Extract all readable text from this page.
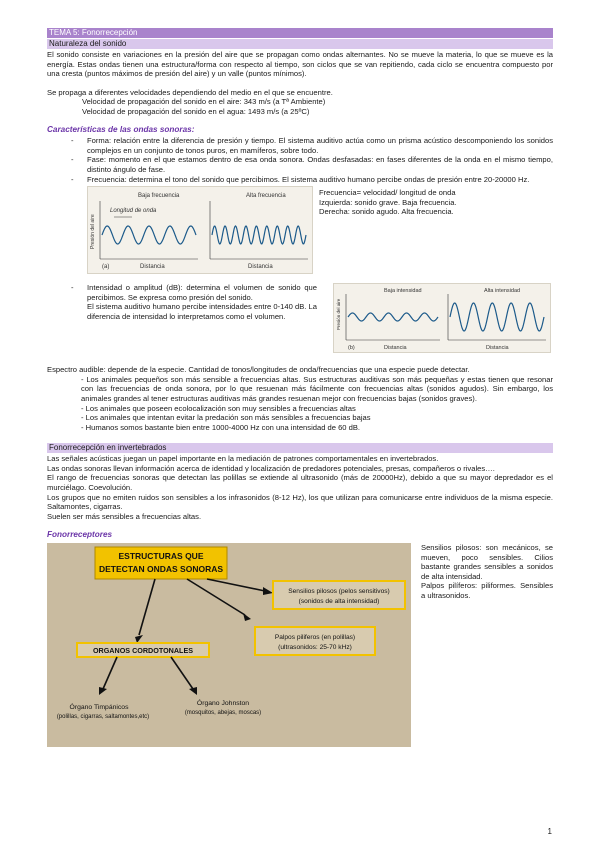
TEMA 5: Fonorrecepción
Naturaleza del sonido

El sonido consiste en variaciones en la presión del aire que se propagan como ondas alternantes. No se mueve la materia, lo que se mueve es la energía. Estas ondas tienen una estructura/forma con respecto al tiempo, son ciclos que se van repitiendo, cada ciclo se encuentra compuesto por una cresta (puntos máximos de presión del aire) y un valle (puntos mínimos).

Se propaga a diferentes velocidades dependiendo del medio en el que se encuentre.

Velocidad de propagación del sonido en el aire: 343 m/s (a Tª Ambiente)

Velocidad de propagación del sonido en el agua: 1493 m/s (a 25ºC)

Características de las ondas sonoras:
- Forma: relación entre la diferencia de presión y tiempo. El sistema auditivo actúa como un prisma acústico descomponiendo los sonidos complejos en un conjunto de tonos puros, en mamíferos, sobre todo.
- Fase: momento en el que estamos dentro de esa onda sonora. Ondas desfasadas: en fases diferentes de la onda en el mismo tiempo, distinto ángulo de fase.
- Frecuencia: determina el tono del sonido que percibimos. El sistema auditivo humano percibe ondas de presión entre 20-20000 Hz.
Baja frecuencia	Alta frecuencia
Presión del aire
Longitud de onda
(a)	Distancia	Distancia

Frecuencia= velocidad/ longitud de onda

Izquierda: sonido grave. Baja frecuencia.

Derecha: sonido agudo. Alta frecuencia.

- Intensidad o amplitud (dB): determina el volumen de sonido que percibimos. Se expresa como presión del sonido.

El sistema auditivo humano percibe intensidades entre 0-140 dB. La diferencia de intensidad lo interpretamos como el volumen.

Baja intensidad	Alta intensidad
Presión del aire
(b)	Distancia	Distancia

Espectro audible: depende de la especie. Cantidad de tonos/longitudes de onda/frecuencias que una especie puede detectar.

- Los animales pequeños son más sensible a frecuencias altas. Sus estructuras auditivas son más pequeñas y estas tienen que resonar con las frecuencias de onda sonora, por lo que resuenan más fácilmente con frecuencias altas (sonidos agudos). Sin embargo, los animales grandes al tener estructuras auditivas más grandes resuenan mejor con frecuencias bajas (sonidos graves).

- Los animales que poseen ecolocalización son muy sensibles a frecuencias altas

- Los animales que intentan evitar la predación son más sensibles a frecuencias bajas

- Humanos somos bastante bien entre 1000-4000 Hz con una intensidad de 60 dB.

Fonorrecepción en invertebrados

Las señales acústicas juegan un papel importante en la mediación de patrones comportamentales en invertebrados.

Las ondas sonoras llevan información acerca de identidad y localización de predadores potenciales, presas, compañeros o rivales….

El rango de frecuencias sonoras que detectan las polillas se extiende al ultrasonido (más de 20000Hz), debido a que su mayor depredador es el murciélago. Coevolución.

Los grupos que no emiten ruidos son sensibles a los infrasonidos (8-12 Hz), los que utilizan para comunicarse entre individuos de la misma especie. Saltamontes, cigarras.

Suelen ser más sensibles a frecuencias altas.

Fonorreceptores
ESTRUCTURAS QUE
DETECTAN ONDAS SONORAS
Sensilios pilosos (pelos sensitivos)
(sonidos de alta intensidad)
Palpos piliferos (en polillas)
(ultrasonidos: 25-70 kHz)
ORGANOS CORDOTONALES
Órgano Timpánicos
(polillas, cigarras, saltamontes,etc)
Órgano Johnston
(mosquitos, abejas, moscas)

Sensilios pilosos: son mecánicos, se mueven, poco sensibles. Cilios bastante grandes sensibles a sonidos de alta intensidad.

Palpos pilíferos: piliformes. Sensibles a ultrasonidos.

1
